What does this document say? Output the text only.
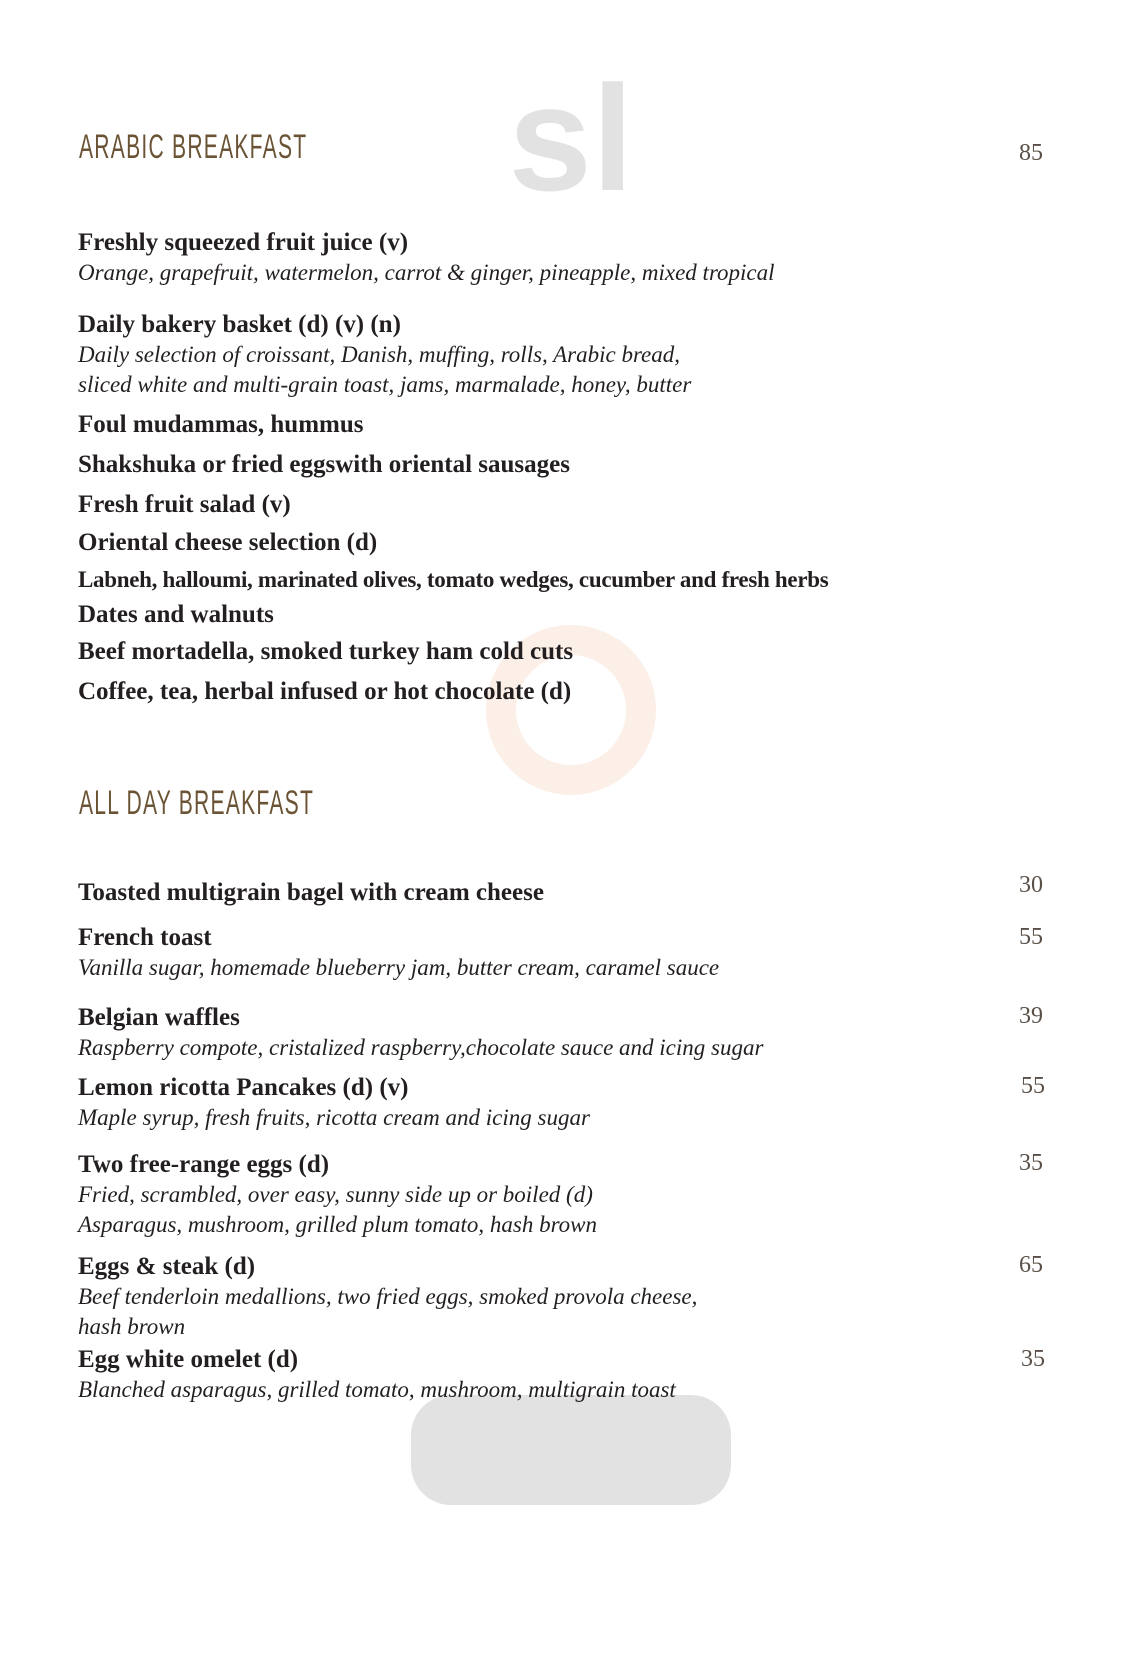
sl
ARABIC BREAKFAST	85
Freshly squeezed fruit juice (v)
Orange, grapefruit, watermelon, carrot & ginger, pineapple, mixed tropical
Daily bakery basket (d) (v) (n)
Daily selection of croissant, Danish, muffing, rolls, Arabic bread,
sliced white and multi-grain toast, jams, marmalade, honey, butter
Foul mudammas, hummus
Shakshuka or fried eggswith oriental sausages
Fresh fruit salad (v)
Oriental cheese selection (d)
Labneh, halloumi, marinated olives, tomato wedges, cucumber and fresh herbs
Dates and walnuts
Beef mortadella, smoked turkey ham cold cuts
Coffee, tea, herbal infused or hot chocolate (d)
ALL DAY BREAKFAST
Toasted multigrain bagel with cream cheese	30
French toast
Vanilla sugar, homemade blueberry jam, butter cream, caramel sauce
55
Belgian waffles
Raspberry compote, cristalized raspberry,chocolate sauce and icing sugar
39
Lemon ricotta Pancakes (d) (v)
Maple syrup, fresh fruits, ricotta cream and icing sugar
55
Two free-range eggs (d)
Fried, scrambled, over easy, sunny side up or boiled (d)
Asparagus, mushroom, grilled plum tomato, hash brown
35
Eggs & steak (d)
Beef tenderloin medallions, two fried eggs, smoked provola cheese,
hash brown
65
Egg white omelet (d)
Blanched asparagus, grilled tomato, mushroom, multigrain toast
35
